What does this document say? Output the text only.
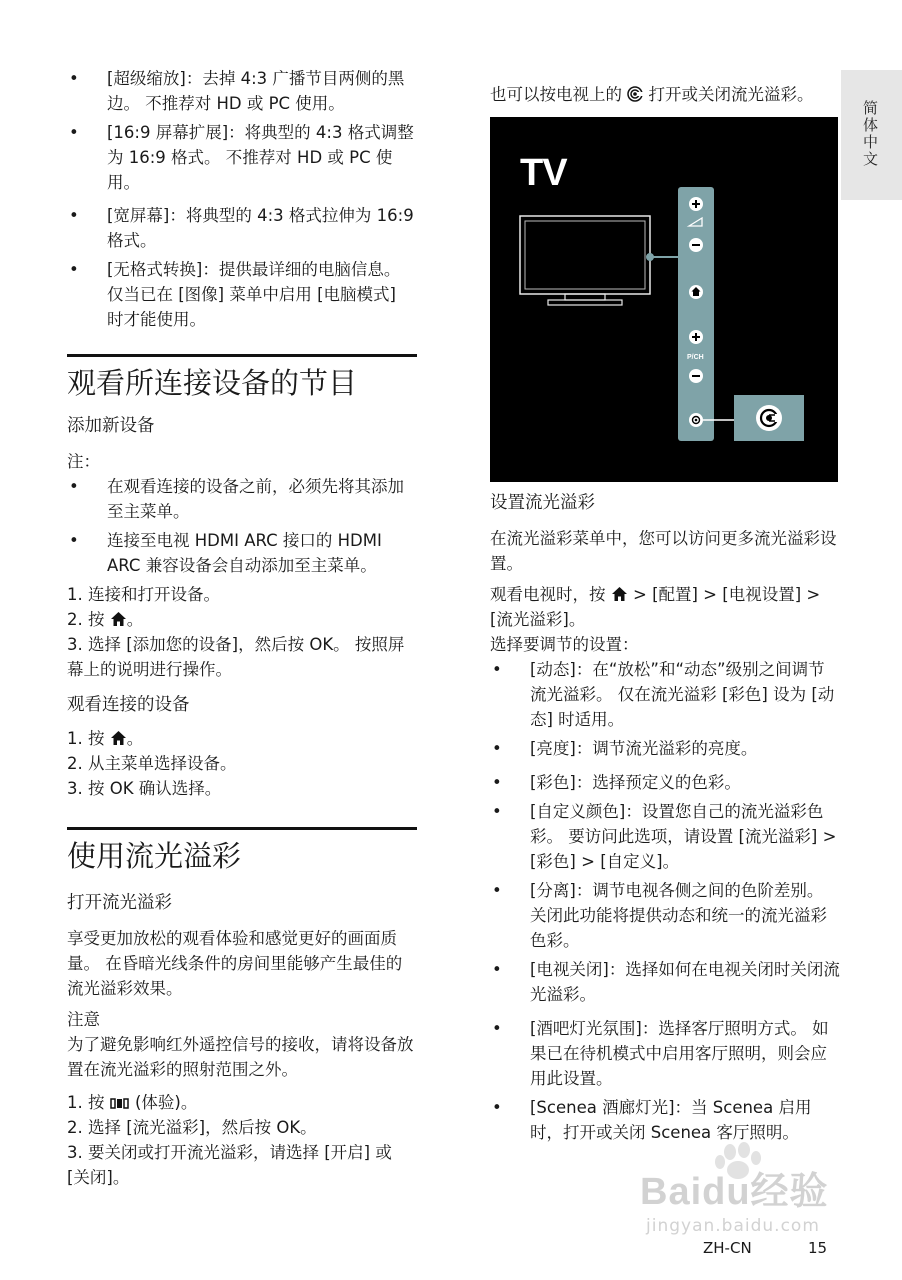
简体中文
• [超级缩放]：去掉 4:3 广播节目两侧的黑边。 不推荐对 HD 或 PC 使用。
• [16:9 屏幕扩展]：将典型的 4:3 格式调整为 16:9 格式。 不推荐对 HD 或 PC 使用。
• [宽屏幕]：将典型的 4:3 格式拉伸为 16:9 格式。
• [无格式转换]：提供最详细的电脑信息。 仅当已在 [图像] 菜单中启用 [电脑模式] 时才能使用。
观看所连接设备的节目
添加新设备

注：

• 在观看连接的设备之前，必须先将其添加至主菜单。
• 连接至电视 HDMI ARC 接口的 HDMI ARC 兼容设备会自动添加至主菜单。

1. 连接和打开设备。

2. 按 。

3. 选择 [添加您的设备]，然后按 OK。 按照屏幕上的说明进行操作。

观看连接的设备

1. 按 。

2. 从主菜单选择设备。

3. 按 OK 确认选择。

使用流光溢彩
打开流光溢彩

享受更加放松的观看体验和感觉更好的画面质量。 在昏暗光线条件的房间里能够产生最佳的流光溢彩效果。

注意

为了避免影响红外遥控信号的接收，请将设备放置在流光溢彩的照射范围之外。

1. 按  (体验)。

2. 选择 [流光溢彩]，然后按 OK。

3. 要关闭或打开流光溢彩，请选择 [开启] 或 [关闭]。

也可以按电视上的  打开或关闭流光溢彩。

TV
P/CH
设置流光溢彩

在流光溢彩菜单中，您可以访问更多流光溢彩设置。

观看电视时，按  > [配置] > [电视设置] > [流光溢彩]。

选择要调节的设置：

• [动态]：在“放松”和“动态”级别之间调节流光溢彩。 仅在流光溢彩 [彩色] 设为 [动态] 时适用。
• [亮度]：调节流光溢彩的亮度。
• [彩色]：选择预定义的色彩。
• [自定义颜色]：设置您自己的流光溢彩色彩。 要访问此选项，请设置 [流光溢彩] > [彩色] > [自定义]。
• [分离]：调节电视各侧之间的色阶差别。 关闭此功能将提供动态和统一的流光溢彩色彩。
• [电视关闭]：选择如何在电视关闭时关闭流光溢彩。
• [酒吧灯光氛围]：选择客厅照明方式。 如果已在待机模式中启用客厅照明，则会应用此设置。
• [Scenea 酒廊灯光]：当 Scenea 启用时，打开或关闭 Scenea 客厅照明。
Baidu经验
jingyan.baidu.com
ZH-CN	15
